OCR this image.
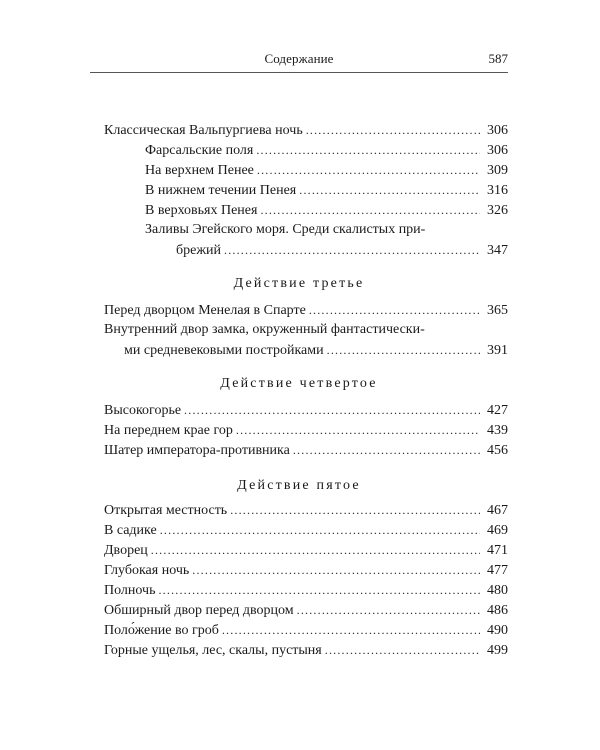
Содержание	587
Классическая Вальпургиева ночь .....	306
Фарсальские поля .....	306
На верхнем Пенее .....	309
В нижнем течении Пенея .....	316
В верховьях Пенея .....	326
Заливы Эгейского моря. Среди скалистых при-
брежий .....	347
Действие третье
Перед дворцом Менелая в Спарте .....	365
Внутренний двор замка, окруженный фантастически-
ми средневековыми постройками .....	391
Действие четвертое
Высокогорье .....	427
На переднем крае гор .....	439
Шатер императора-противника .....	456
Действие пятое
Открытая местность .....	467
В садике .....	469
Дворец .....	471
Глубокая ночь .....	477
Полночь .....	480
Обширный двор перед дворцом .....	486
Поло́жение во гроб .....	490
Горные ущелья, лес, скалы, пустыня .....	499
